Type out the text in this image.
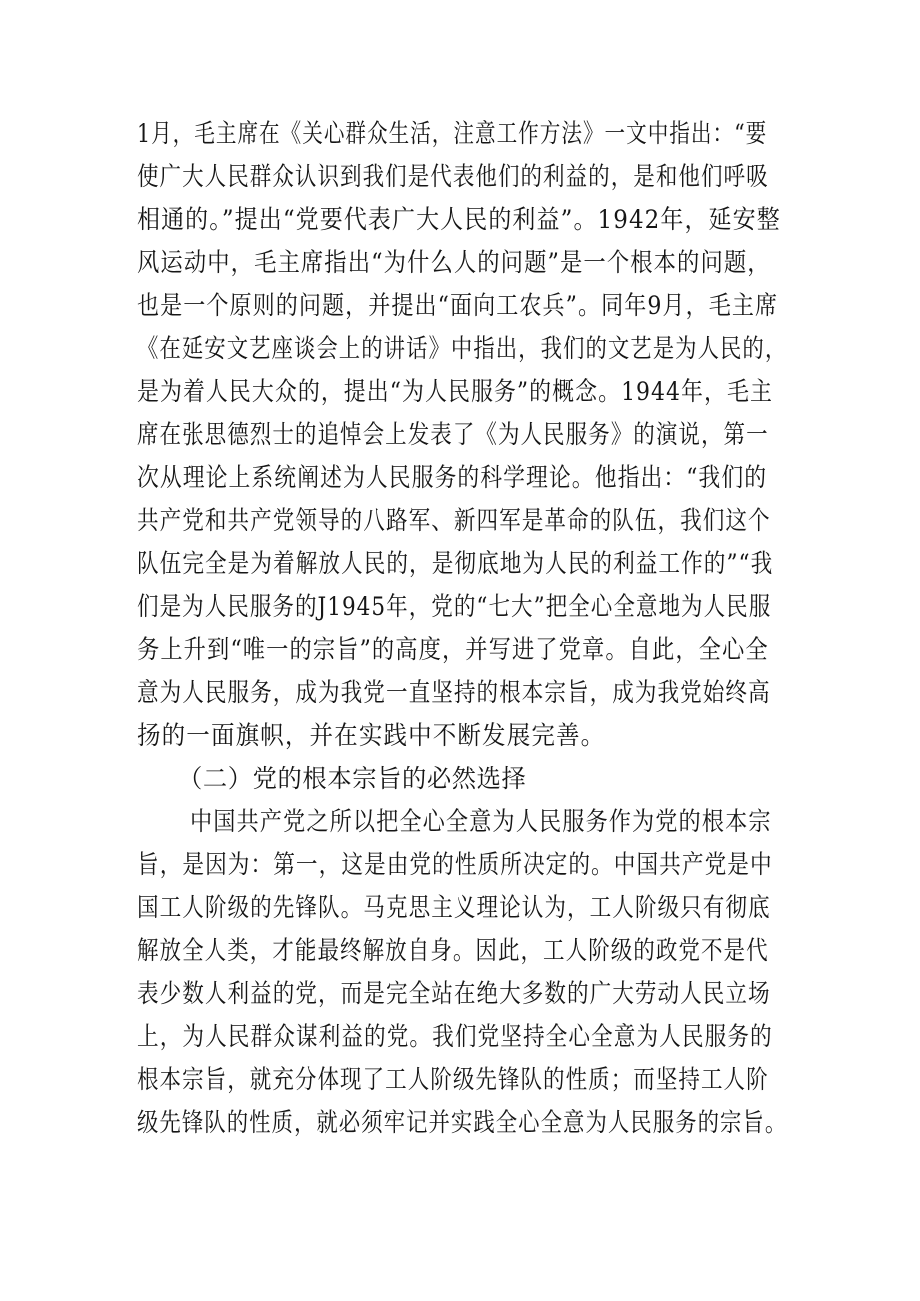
1月，毛主席在《关心群众生活，注意工作方法》一文中指出：“要
使广大人民群众认识到我们是代表他们的利益的，是和他们呼吸
相通的。”提出“党要代表广大人民的利益”。1942年，延安整
风运动中，毛主席指出“为什么人的问题”是一个根本的问题，
也是一个原则的问题，并提出“面向工农兵”。同年9月，毛主席
《在延安文艺座谈会上的讲话》中指出，我们的文艺是为人民的，
是为着人民大众的，提出“为人民服务”的概念。1944年，毛主
席在张思德烈士的追悼会上发表了《为人民服务》的演说，第一
次从理论上系统阐述为人民服务的科学理论。他指出：“我们的
共产党和共产党领导的八路军、新四军是革命的队伍，我们这个
队伍完全是为着解放人民的，是彻底地为人民的利益工作的”“我
们是为人民服务的J1945年，党的“七大”把全心全意地为人民服
务上升到“唯一的宗旨”的高度，并写进了党章。自此，全心全
意为人民服务，成为我党一直坚持的根本宗旨，成为我党始终高
扬的一面旗帜，并在实践中不断发展完善。
（二）党的根本宗旨的必然选择
中国共产党之所以把全心全意为人民服务作为党的根本宗
旨，是因为：第一，这是由党的性质所决定的。中国共产党是中
国工人阶级的先锋队。马克思主义理论认为，工人阶级只有彻底
解放全人类，才能最终解放自身。因此，工人阶级的政党不是代
表少数人利益的党，而是完全站在绝大多数的广大劳动人民立场
上，为人民群众谋利益的党。我们党坚持全心全意为人民服务的
根本宗旨，就充分体现了工人阶级先锋队的性质；而坚持工人阶
级先锋队的性质，就必须牢记并实践全心全意为人民服务的宗旨。
